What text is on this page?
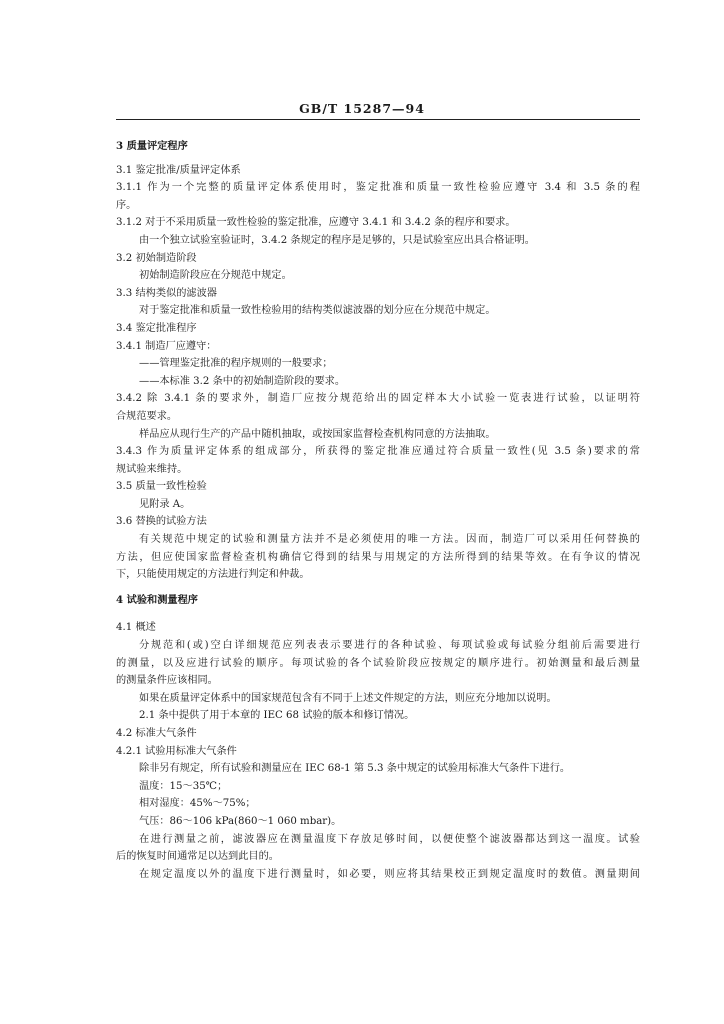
GB/T 15287—94
3 质量评定程序
3.1 鉴定批准/质量评定体系
3.1.1 作为一个完整的质量评定体系使用时，鉴定批准和质量一致性检验应遵守 3.4 和 3.5 条的程
序。
3.1.2 对于不采用质量一致性检验的鉴定批准，应遵守 3.4.1 和 3.4.2 条的程序和要求。
由一个独立试验室验证时，3.4.2 条规定的程序是足够的，只是试验室应出具合格证明。
3.2 初始制造阶段
初始制造阶段应在分规范中规定。
3.3 结构类似的滤波器
对于鉴定批准和质量一致性检验用的结构类似滤波器的划分应在分规范中规定。
3.4 鉴定批准程序
3.4.1 制造厂应遵守：
——管理鉴定批准的程序规则的一般要求；
——本标准 3.2 条中的初始制造阶段的要求。
3.4.2 除 3.4.1 条的要求外，制造厂应按分规范给出的固定样本大小试验一览表进行试验，以证明符
合规范要求。
样品应从现行生产的产品中随机抽取，或按国家监督检查机构同意的方法抽取。
3.4.3 作为质量评定体系的组成部分，所获得的鉴定批准应通过符合质量一致性(见 3.5 条)要求的常
规试验来维持。
3.5 质量一致性检验
见附录 A。
3.6 替换的试验方法
有关规范中规定的试验和测量方法并不是必须使用的唯一方法。因而，制造厂可以采用任何替换的
方法，但应使国家监督检查机构确信它得到的结果与用规定的方法所得到的结果等效。在有争议的情况
下，只能使用规定的方法进行判定和仲裁。
4 试验和测量程序
4.1 概述
分规范和(或)空白详细规范应列表表示要进行的各种试验、每项试验或每试验分组前后需要进行
的测量，以及应进行试验的顺序。每项试验的各个试验阶段应按规定的顺序进行。初始测量和最后测量
的测量条件应该相同。
如果在质量评定体系中的国家规范包含有不同于上述文件规定的方法，则应充分地加以说明。
2.1 条中提供了用于本章的 IEC 68 试验的版本和修订情况。
4.2 标准大气条件
4.2.1 试验用标准大气条件
除非另有规定，所有试验和测量应在 IEC 68-1 第 5.3 条中规定的试验用标准大气条件下进行。
温度：15～35℃；
相对湿度：45%～75%；
气压：86～106 kPa(860～1 060 mbar)。
在进行测量之前，滤波器应在测量温度下存放足够时间，以便使整个滤波器都达到这一温度。试验
后的恢复时间通常足以达到此目的。
在规定温度以外的温度下进行测量时，如必要，则应将其结果校正到规定温度时的数值。测量期间
